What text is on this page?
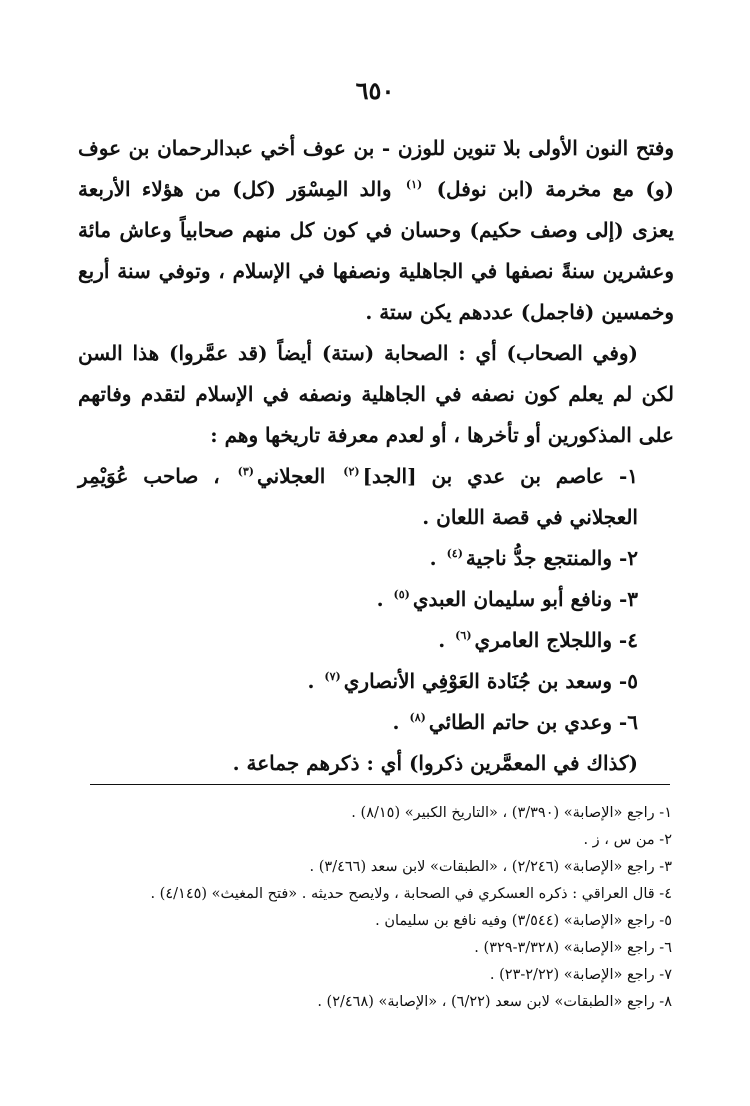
٦٥٠

وفتح النون الأولى بلا تنوين للوزن - بن عوف أخي عبدالرحمان بن عوف (و) مع مخرمة (ابن نوفل) $^{(١)}$ والد المِسْوَر (كل) من هؤلاء الأربعة يعزى (إلى وصف حكيم) وحسان في كون كل منهم صحابياً وعاش مائة وعشرين سنةً نصفها في الجاهلية ونصفها في الإسلام ، وتوفي سنة أربع وخمسين (فاجمل) عددهم يكن ستة .

(وفي الصحاب) أي : الصحابة (ستة) أيضاً (قد عمَّروا) هذا السن لكن لم يعلم كون نصفه في الجاهلية ونصفه في الإسلام لتقدم وفاتهم على المذكورين أو تأخرها ، أو لعدم معرفة تاريخها وهم :

١- عاصم بن عدي بن [الجد]$^{(٢)}$ العجلاني$^{(٣)}$ ، صاحب عُوَيْمِر العجلاني في قصة اللعان .

٢- والمنتجع جدُّ ناجية$^{(٤)}$ .

٣- ونافع أبو سليمان العبدي$^{(٥)}$ .

٤- واللجلاج العامري$^{(٦)}$ .

٥- وسعد بن جُنَادة العَوْفِي الأنصاري$^{(٧)}$ .

٦- وعدي بن حاتم الطائي$^{(٨)}$ .

(كذاك في المعمَّرين ذكروا) أي : ذكرهم جماعة .

١- راجع «الإصابة» (٣/٣٩٠) ، «التاريخ الكبير» (٨/١٥) .

٢- من س ، ز .

٣- راجع «الإصابة» (٢/٢٤٦) ، «الطبقات» لابن سعد (٣/٤٦٦) .

٤- قال العراقي : ذكره العسكري في الصحابة ، ولايصح حديثه . «فتح المغيث» (٤/١٤٥) .

٥- راجع «الإصابة» (٣/٥٤٤) وفيه نافع بن سليمان .

٦- راجع «الإصابة» (٣/٣٢٨-٣٢٩) .

٧- راجع «الإصابة» (٢/٢٢-٢٣) .

٨- راجع «الطبقات» لابن سعد (٦/٢٢) ، «الإصابة» (٢/٤٦٨) .
